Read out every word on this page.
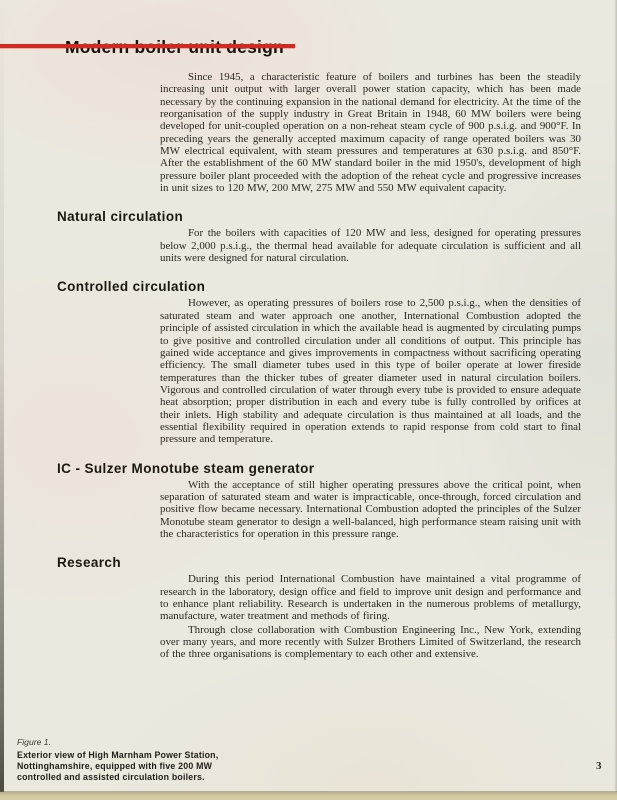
Since 1945, a characteristic feature of boilers and turbines has been the steadily increasing unit output with larger overall power station capacity, which has been made necessary by the continuing expansion in the national demand for electricity. At the time of the reorganisation of the supply industry in Great Britain in 1948, 60 MW boilers were being developed for unit-coupled operation on a non-reheat steam cycle of 900 p.s.i.g. and 900°F. In preceding years the generally accepted maximum capacity of range operated boilers was 30 MW electrical equivalent, with steam pressures and temperatures at 630 p.s.i.g. and 850°F. After the establishment of the 60 MW standard boiler in the mid 1950's, development of high pressure boiler plant proceeded with the adoption of the reheat cycle and progressive increases in unit sizes to 120 MW, 200 MW, 275 MW and 550 MW equivalent capacity.

Natural circulation

For the boilers with capacities of 120 MW and less, designed for operating pressures below 2,000 p.s.i.g., the thermal head available for adequate circulation is sufficient and all units were designed for natural circulation.

Controlled circulation

However, as operating pressures of boilers rose to 2,500 p.s.i.g., when the densities of saturated steam and water approach one another, International Combustion adopted the principle of assisted circulation in which the available head is augmented by circulating pumps to give positive and controlled circulation under all conditions of output. This principle has gained wide acceptance and gives improvements in compactness without sacrificing operating efficiency. The small diameter tubes used in this type of boiler operate at lower fireside temperatures than the thicker tubes of greater diameter used in natural circulation boilers. Vigorous and controlled circulation of water through every tube is provided to ensure adequate heat absorption; proper distribution in each and every tube is fully controlled by orifices at their inlets. High stability and adequate circulation is thus maintained at all loads, and the essential flexibility required in operation extends to rapid response from cold start to final pressure and temperature.

IC - Sulzer Monotube steam generator

With the acceptance of still higher operating pressures above the critical point, when separation of saturated steam and water is impracticable, once-through, forced circulation and positive flow became necessary. International Combustion adopted the principles of the Sulzer Monotube steam generator to design a well-balanced, high performance steam raising unit with the characteristics for operation in this pressure range.

Research

During this period International Combustion have maintained a vital programme of research in the laboratory, design office and field to improve unit design and performance and to enhance plant reliability. Research is undertaken in the numerous problems of metallurgy, manufacture, water treatment and methods of firing.

Through close collaboration with Combustion Engineering Inc., New York, extending over many years, and more recently with Sulzer Brothers Limited of Switzerland, the research of the three organisations is complementary to each other and extensive.

Figure 1.
Exterior view of High Marnham Power Station, Nottinghamshire, equipped with five 200 MW controlled and assisted circulation boilers.
3
